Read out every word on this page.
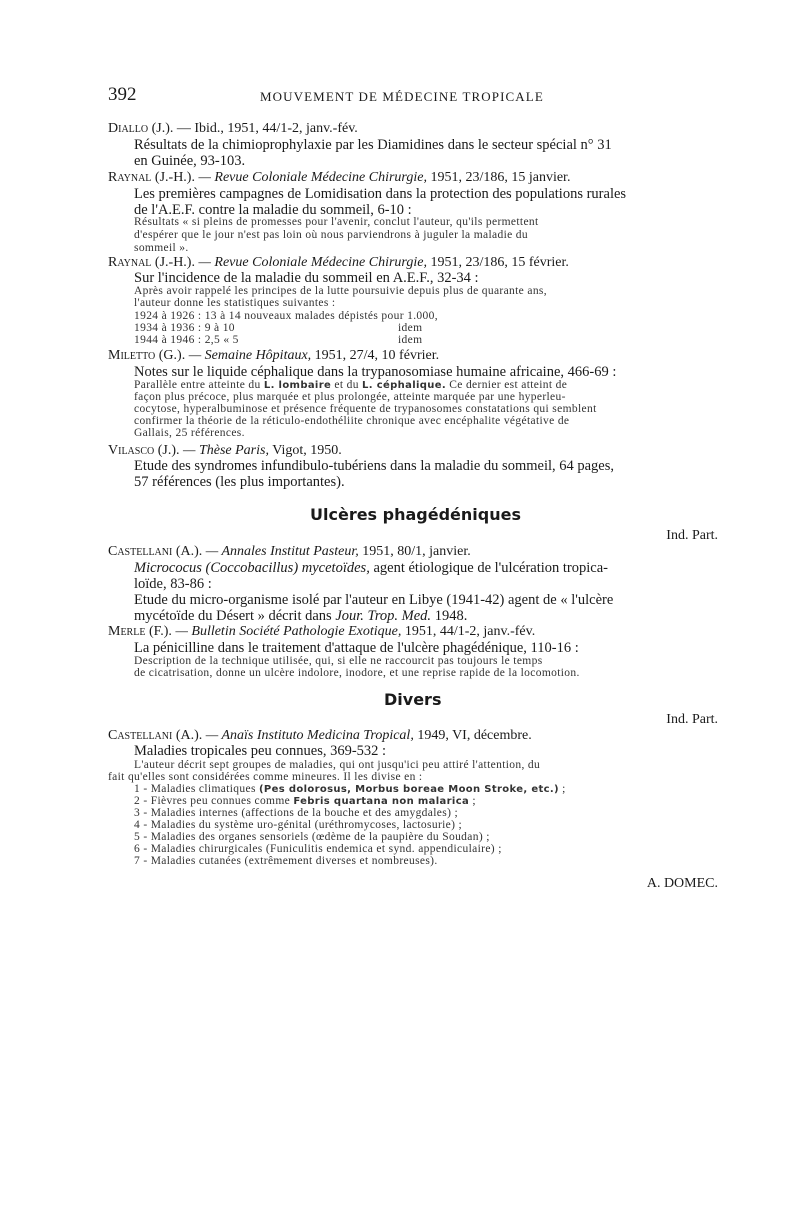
392	MOUVEMENT DE MÉDECINE TROPICALE
Diallo (J.). — Ibid., 1951, 44/1-2, janv.-fév.
Résultats de la chimioprophylaxie par les Diamidines dans le secteur spécial n° 31
en Guinée, 93-103.
Raynal (J.-H.). — Revue Coloniale Médecine Chirurgie, 1951, 23/186, 15 janvier.
Les premières campagnes de Lomidisation dans la protection des populations rurales
de l'A.E.F. contre la maladie du sommeil, 6-10 :
Résultats « si pleins de promesses pour l'avenir, conclut l'auteur, qu'ils permettent
d'espérer que le jour n'est pas loin où nous parviendrons à juguler la maladie du
sommeil ».
Raynal (J.-H.). — Revue Coloniale Médecine Chirurgie, 1951, 23/186, 15 février.
Sur l'incidence de la maladie du sommeil en A.E.F., 32-34 :
Après avoir rappelé les principes de la lutte poursuivie depuis plus de quarante ans,
l'auteur donne les statistiques suivantes :
1924 à 1926 : 13 à 14 nouveaux malades dépistés pour 1.000,
1934 à 1936 : 9 à 10	idem
1944 à 1946 : 2,5 « 5	idem
Miletto (G.). — Semaine Hôpitaux, 1951, 27/4, 10 février.
Notes sur le liquide céphalique dans la trypanosomiase humaine africaine, 466-69 :
Parallèle entre atteinte du L. lombaire et du L. céphalique. Ce dernier est atteint de
façon plus précoce, plus marquée et plus prolongée, atteinte marquée par une hyperleu-
cocytose, hyperalbuminose et présence fréquente de trypanosomes constatations qui semblent
confirmer la théorie de la réticulo-endothéliite chronique avec encéphalite végétative de
Gallais, 25 références.
Vilasco (J.). — Thèse Paris, Vigot, 1950.
Etude des syndromes infundibulo-tubériens dans la maladie du sommeil, 64 pages,
57 références (les plus importantes).
Ulcères phagédéniques
Ind. Part.
Castellani (A.). — Annales Institut Pasteur, 1951, 80/1, janvier.
Micrococus (Coccobacillus) mycetoïdes, agent étiologique de l'ulcération tropica-
loïde, 83-86 :
Etude du micro-organisme isolé par l'auteur en Libye (1941-42) agent de « l'ulcère
mycétoïde du Désert » décrit dans Jour. Trop. Med. 1948.
Merle (F.). — Bulletin Société Pathologie Exotique, 1951, 44/1-2, janv.-fév.
La pénicilline dans le traitement d'attaque de l'ulcère phagédénique, 110-16 :
Description de la technique utilisée, qui, si elle ne raccourcit pas toujours le temps
de cicatrisation, donne un ulcère indolore, inodore, et une reprise rapide de la locomotion.
Divers
Ind. Part.
Castellani (A.). — Anaïs Instituto Medicina Tropical, 1949, VI, décembre.
Maladies tropicales peu connues, 369-532 :
L'auteur décrit sept groupes de maladies, qui ont jusqu'ici peu attiré l'attention, du
fait qu'elles sont considérées comme mineures. Il les divise en :
1 - Maladies climatiques (Pes dolorosus, Morbus boreae Moon Stroke, etc.) ;
2 - Fièvres peu connues comme Febris quartana non malarica ;
3 - Maladies internes (affections de la bouche et des amygdales) ;
4 - Maladies du système uro-génital (uréthromycoses, lactosurie) ;
5 - Maladies des organes sensoriels (œdème de la paupière du Soudan) ;
6 - Maladies chirurgicales (Funiculitis endemica et synd. appendiculaire) ;
7 - Maladies cutanées (extrêmement diverses et nombreuses).
A. DOMEC.
